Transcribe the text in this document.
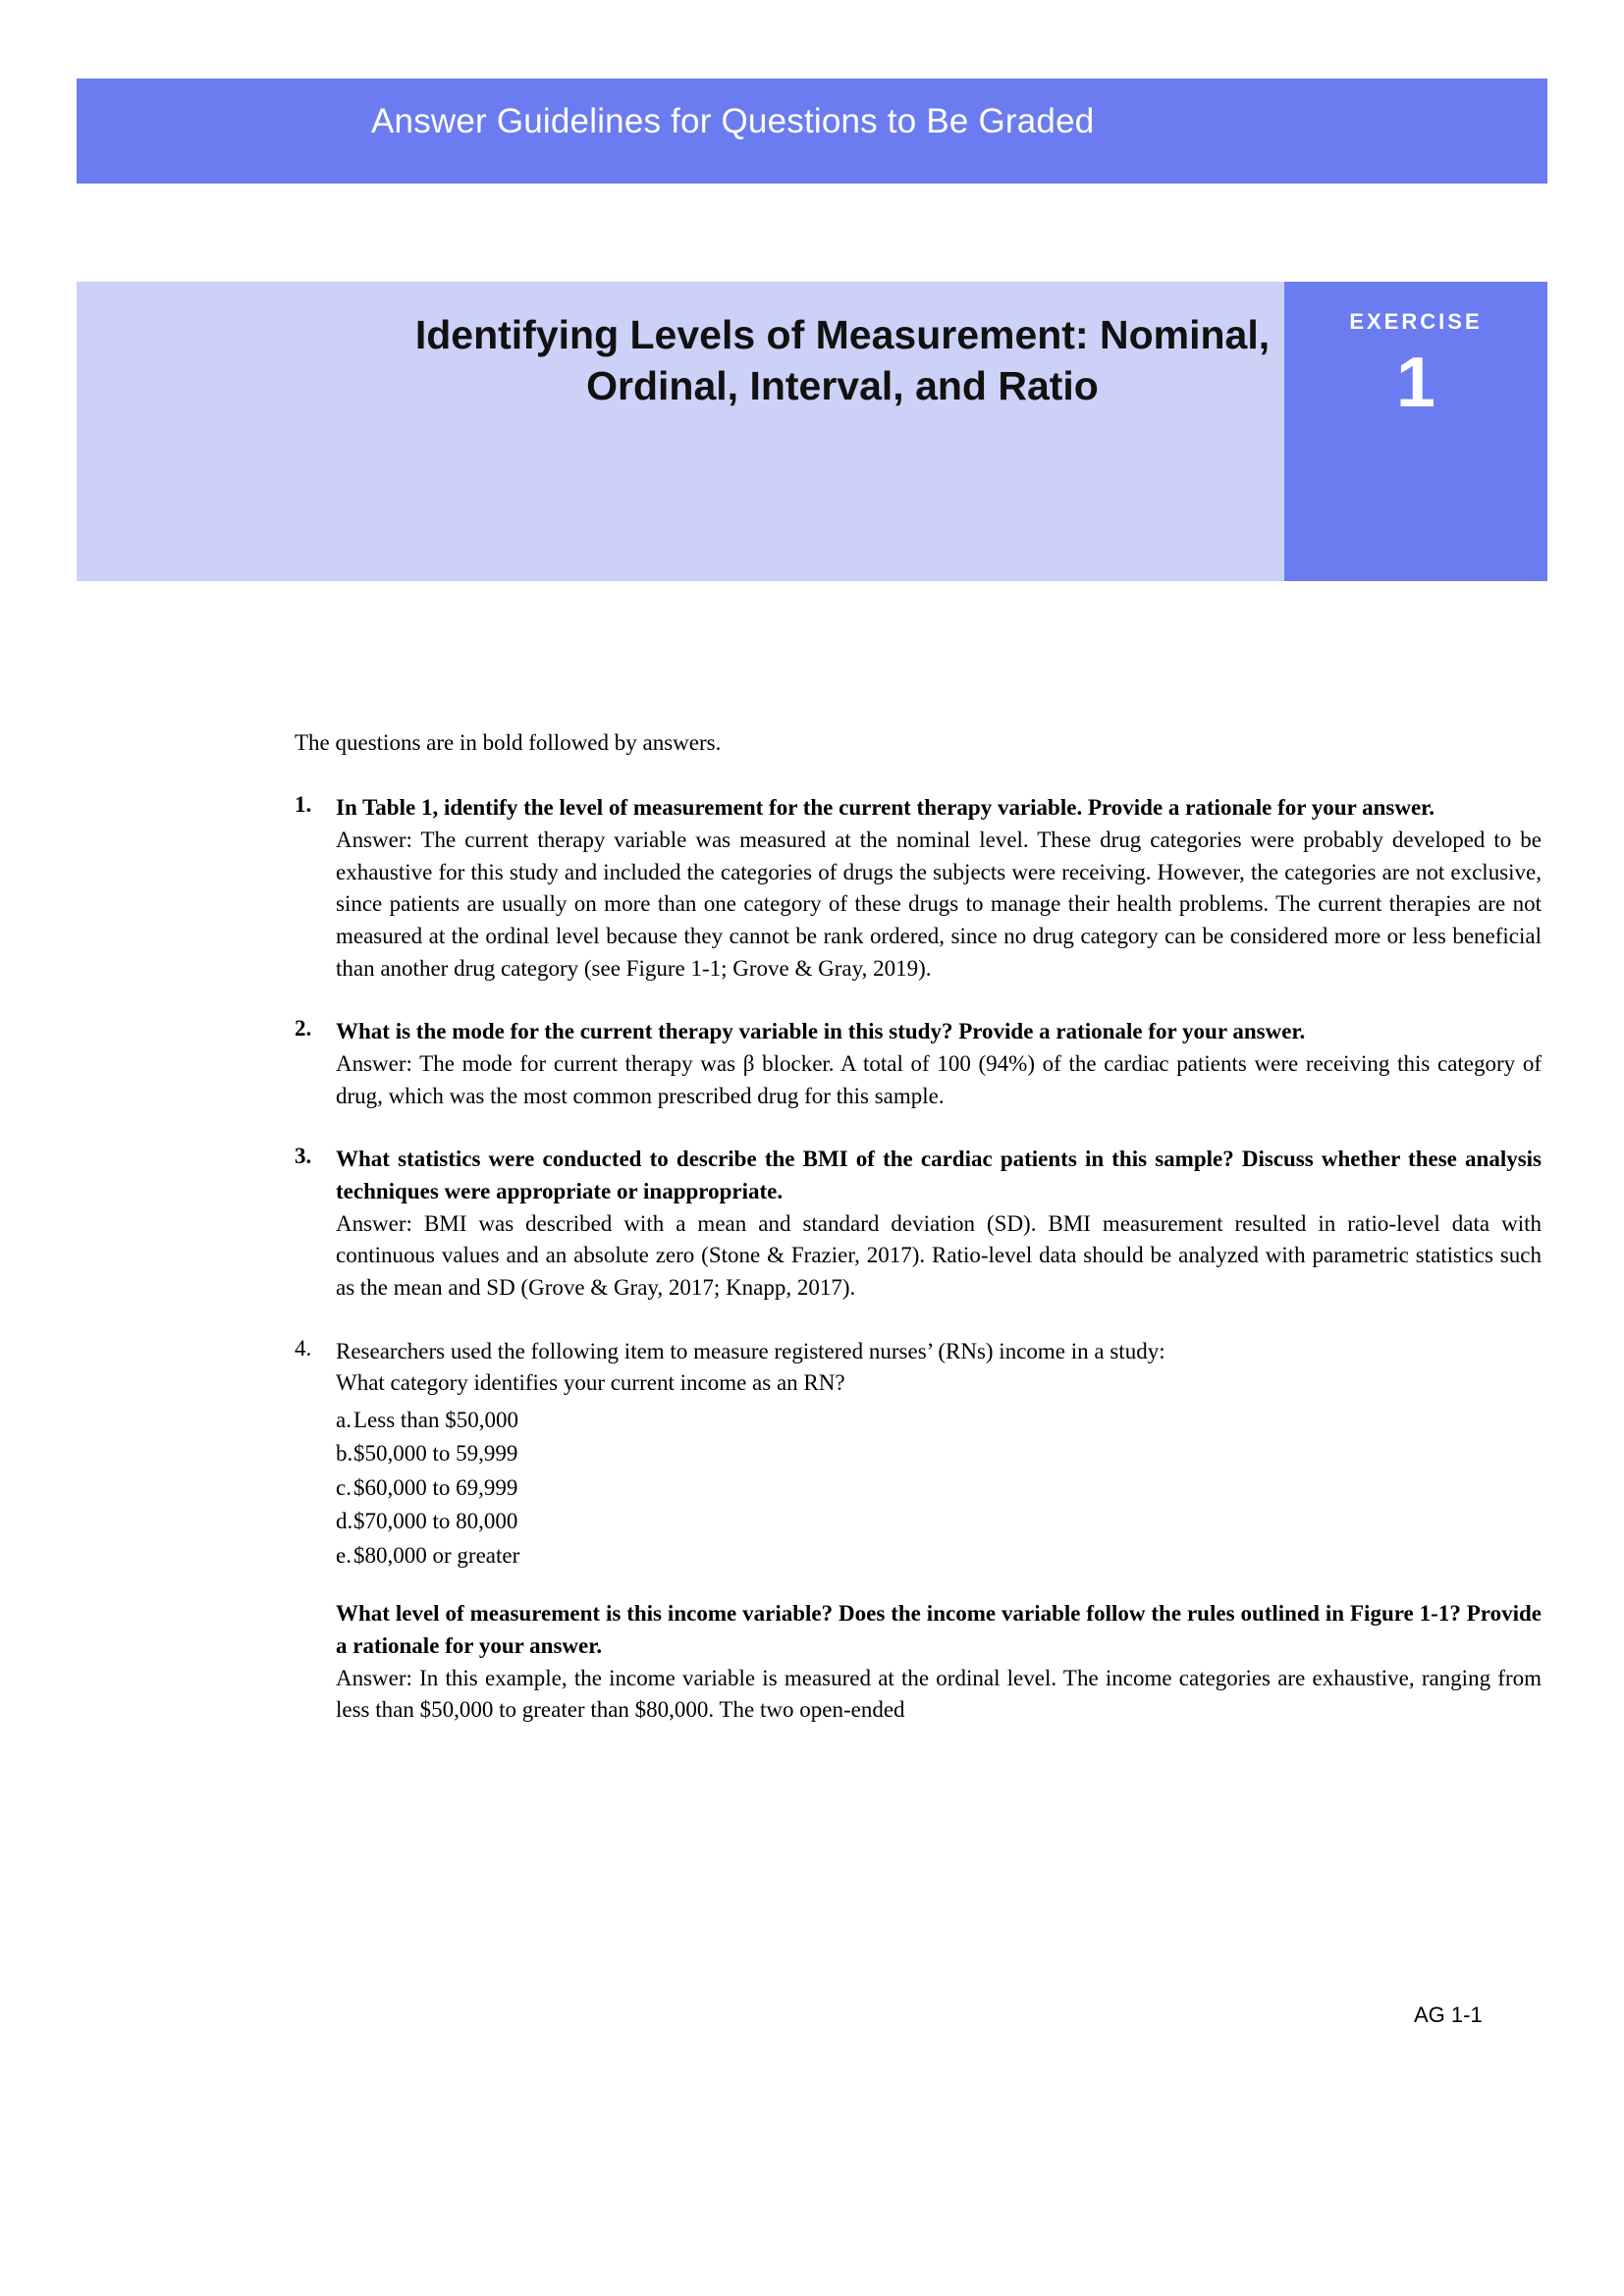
Answer Guidelines for Questions to Be Graded
Identifying Levels of Measurement: Nominal, Ordinal, Interval, and Ratio
EXERCISE
1
The questions are in bold followed by answers.
1. In Table 1, identify the level of measurement for the current therapy variable. Provide a rationale for your answer.
Answer: The current therapy variable was measured at the nominal level. These drug categories were probably developed to be exhaustive for this study and included the categories of drugs the subjects were receiving. However, the categories are not exclusive, since patients are usually on more than one category of these drugs to manage their health problems. The current therapies are not measured at the ordinal level because they cannot be rank ordered, since no drug category can be considered more or less beneficial than another drug category (see Figure 1-1; Grove & Gray, 2019).
2. What is the mode for the current therapy variable in this study? Provide a rationale for your answer.
Answer: The mode for current therapy was β blocker. A total of 100 (94%) of the cardiac patients were receiving this category of drug, which was the most common prescribed drug for this sample.
3. What statistics were conducted to describe the BMI of the cardiac patients in this sample? Discuss whether these analysis techniques were appropriate or inappropriate.
Answer: BMI was described with a mean and standard deviation (SD). BMI measurement resulted in ratio-level data with continuous values and an absolute zero (Stone & Frazier, 2017). Ratio-level data should be analyzed with parametric statistics such as the mean and SD (Grove & Gray, 2017; Knapp, 2017).
4. Researchers used the following item to measure registered nurses’ (RNs) income in a study:
What category identifies your current income as an RN?
a. Less than $50,000
b. $50,000 to 59,999
c. $60,000 to 69,999
d. $70,000 to 80,000
e. $80,000 or greater
What level of measurement is this income variable? Does the income variable follow the rules outlined in Figure 1-1? Provide a rationale for your answer.
Answer: In this example, the income variable is measured at the ordinal level. The income categories are exhaustive, ranging from less than $50,000 to greater than $80,000. The two open-ended
AG 1-1
